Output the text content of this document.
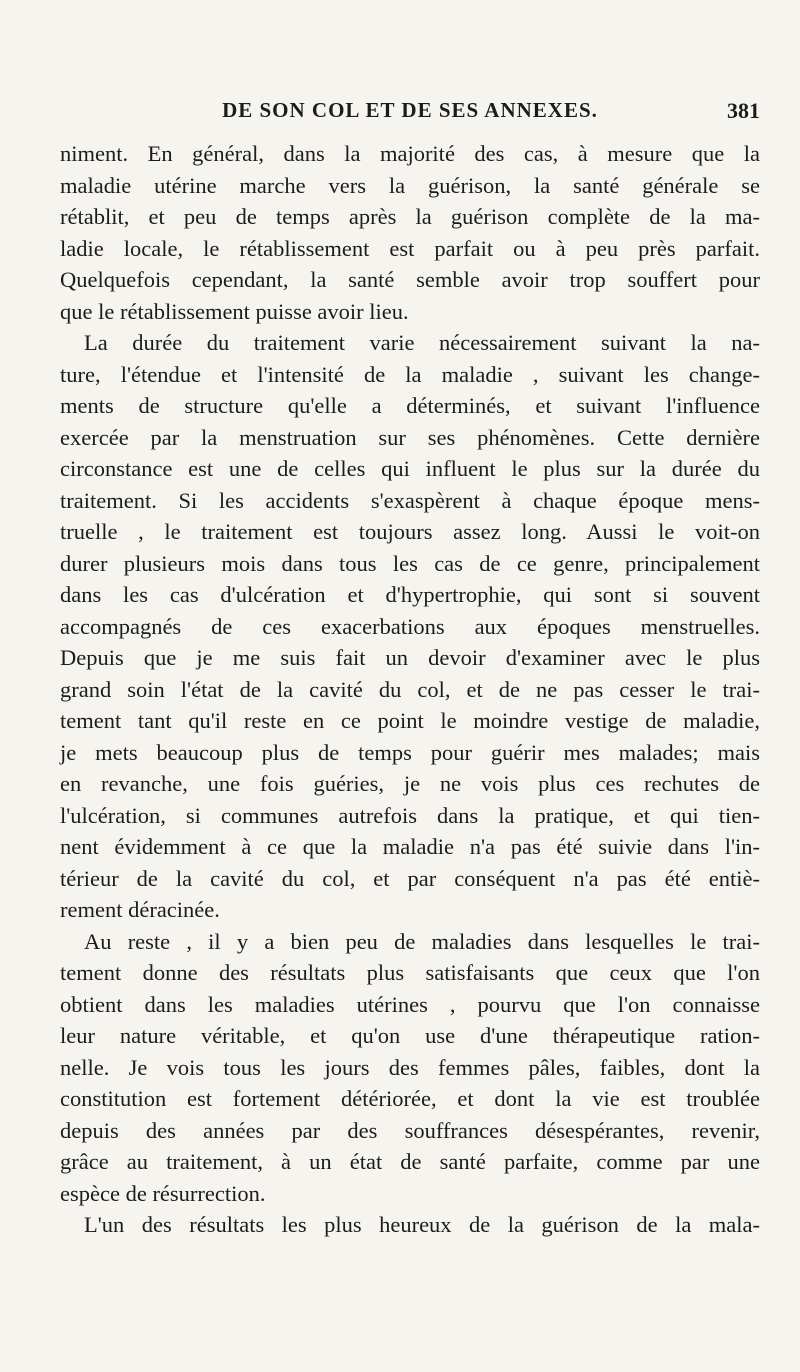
DE SON COL ET DE SES ANNEXES.	381
niment. En général, dans la majorité des cas, à mesure que la
maladie utérine marche vers la guérison, la santé générale se
rétablit, et peu de temps après la guérison complète de la ma-
ladie locale, le rétablissement est parfait ou à peu près parfait.
Quelquefois cependant, la santé semble avoir trop souffert pour
que le rétablissement puisse avoir lieu.
La durée du traitement varie nécessairement suivant la na-
ture, l'étendue et l'intensité de la maladie , suivant les change-
ments de structure qu'elle a déterminés, et suivant l'influence
exercée par la menstruation sur ses phénomènes. Cette dernière
circonstance est une de celles qui influent le plus sur la durée du
traitement. Si les accidents s'exaspèrent à chaque époque mens-
truelle , le traitement est toujours assez long. Aussi le voit-on
durer plusieurs mois dans tous les cas de ce genre, principalement
dans les cas d'ulcération et d'hypertrophie, qui sont si souvent
accompagnés de ces exacerbations aux époques menstruelles.
Depuis que je me suis fait un devoir d'examiner avec le plus
grand soin l'état de la cavité du col, et de ne pas cesser le trai-
tement tant qu'il reste en ce point le moindre vestige de maladie,
je mets beaucoup plus de temps pour guérir mes malades; mais
en revanche, une fois guéries, je ne vois plus ces rechutes de
l'ulcération, si communes autrefois dans la pratique, et qui tien-
nent évidemment à ce que la maladie n'a pas été suivie dans l'in-
térieur de la cavité du col, et par conséquent n'a pas été entiè-
rement déracinée.
Au reste , il y a bien peu de maladies dans lesquelles le trai-
tement donne des résultats plus satisfaisants que ceux que l'on
obtient dans les maladies utérines , pourvu que l'on connaisse
leur nature véritable, et qu'on use d'une thérapeutique ration-
nelle. Je vois tous les jours des femmes pâles, faibles, dont la
constitution est fortement détériorée, et dont la vie est troublée
depuis des années par des souffrances désespérantes, revenir,
grâce au traitement, à un état de santé parfaite, comme par une
espèce de résurrection.
L'un des résultats les plus heureux de la guérison de la mala-
